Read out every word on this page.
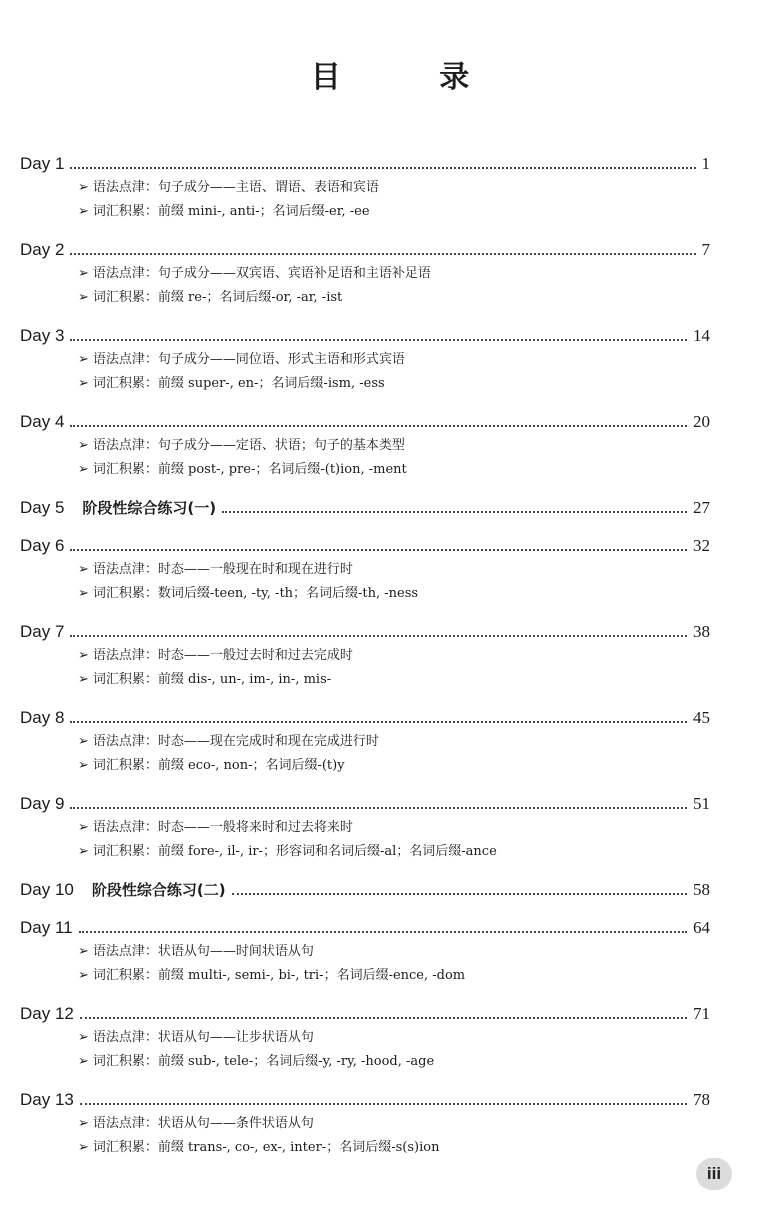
目 录
Day 1	1
➢ 语法点津：句子成分——主语、谓语、表语和宾语
➢ 词汇积累：前缀 mini-, anti-；名词后缀-er, -ee
Day 2	7
➢ 语法点津：句子成分——双宾语、宾语补足语和主语补足语
➢ 词汇积累：前缀 re-；名词后缀-or, -ar, -ist
Day 3	14
➢ 语法点津：句子成分——同位语、形式主语和形式宾语
➢ 词汇积累：前缀 super-, en-；名词后缀-ism, -ess
Day 4	20
➢ 语法点津：句子成分——定语、状语；句子的基本类型
➢ 词汇积累：前缀 post-, pre-；名词后缀-(t)ion, -ment
Day 5 阶段性综合练习(一)	27
Day 6	32
➢ 语法点津：时态——一般现在时和现在进行时
➢ 词汇积累：数词后缀-teen, -ty, -th；名词后缀-th, -ness
Day 7	38
➢ 语法点津：时态——一般过去时和过去完成时
➢ 词汇积累：前缀 dis-, un-, im-, in-, mis-
Day 8	45
➢ 语法点津：时态——现在完成时和现在完成进行时
➢ 词汇积累：前缀 eco-, non-；名词后缀-(t)y
Day 9	51
➢ 语法点津：时态——一般将来时和过去将来时
➢ 词汇积累：前缀 fore-, il-, ir-；形容词和名词后缀-al；名词后缀-ance
Day 10 阶段性综合练习(二)	58
Day 11	64
➢ 语法点津：状语从句——时间状语从句
➢ 词汇积累：前缀 multi-, semi-, bi-, tri-；名词后缀-ence, -dom
Day 12	71
➢ 语法点津：状语从句——让步状语从句
➢ 词汇积累：前缀 sub-, tele-；名词后缀-y, -ry, -hood, -age
Day 13	78
➢ 语法点津：状语从句——条件状语从句
➢ 词汇积累：前缀 trans-, co-, ex-, inter-；名词后缀-s(s)ion
iii
